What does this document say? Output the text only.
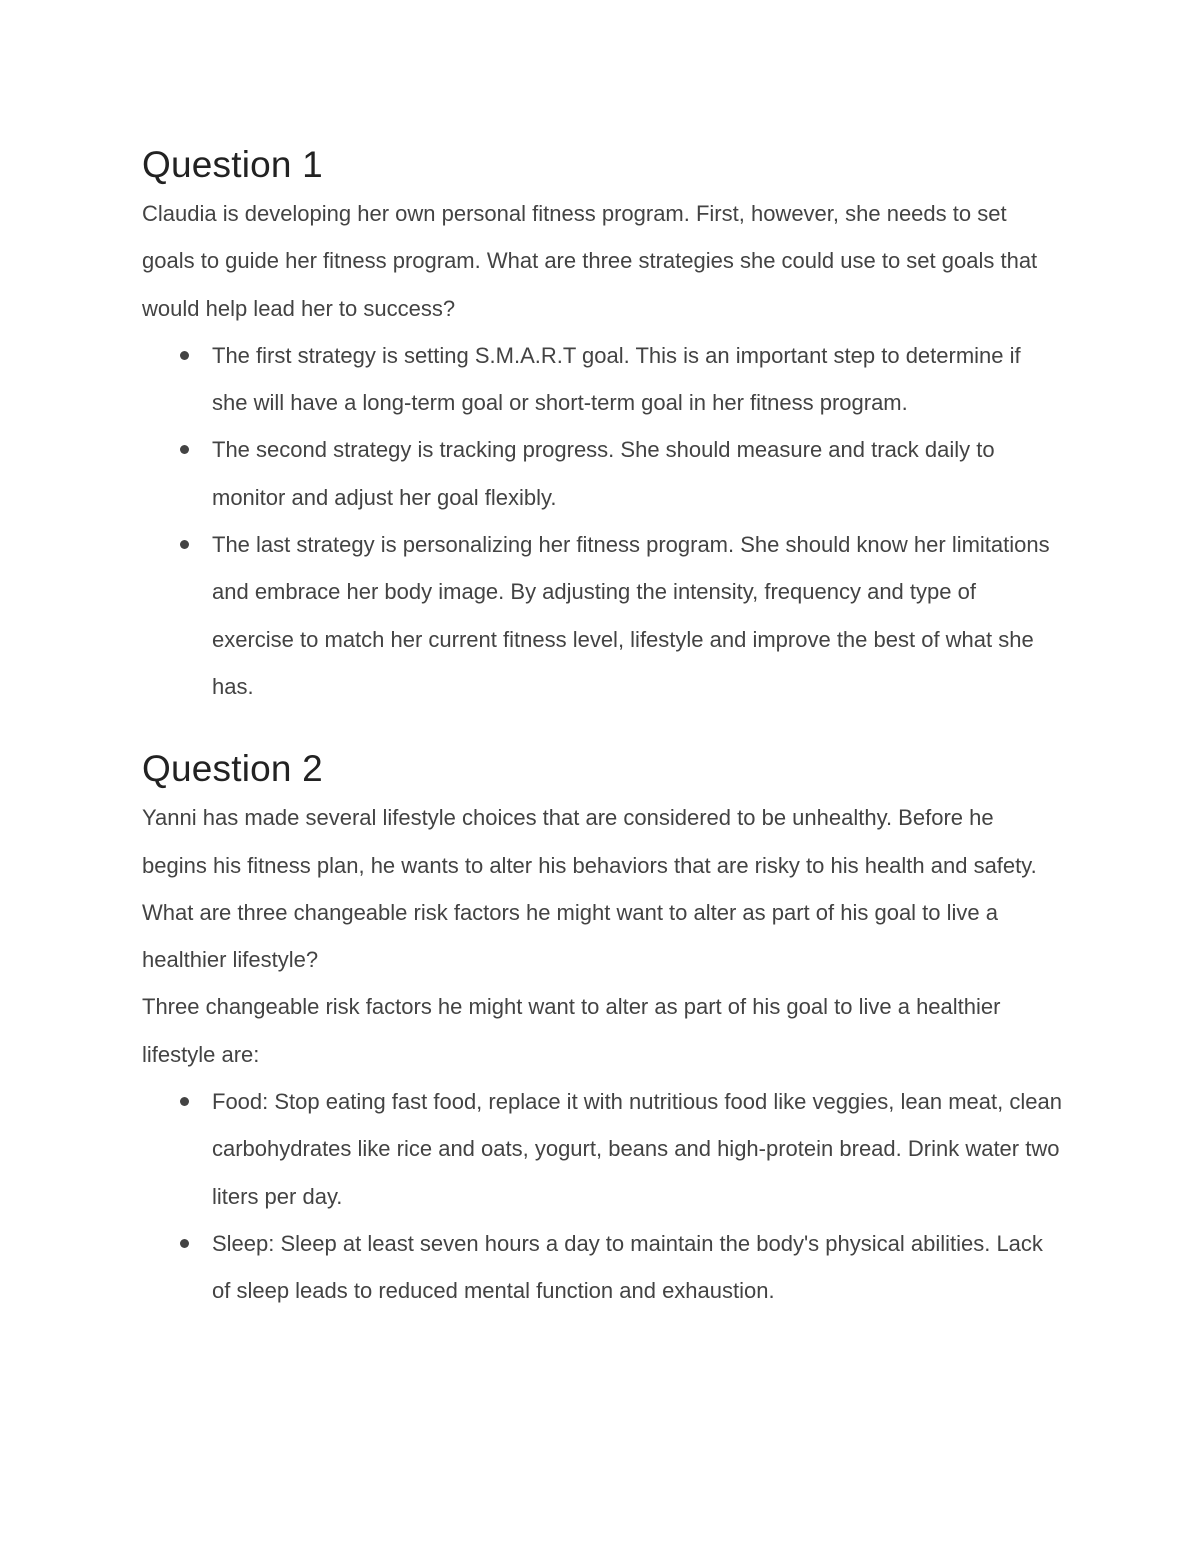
Question 1

Claudia is developing her own personal fitness program. First, however, she needs to set goals to guide her fitness program. What are three strategies she could use to set goals that would help lead her to success?

The first strategy is setting S.M.A.R.T goal. This is an important step to determine if she will have a long-term goal or short-term goal in her fitness program.
The second strategy is tracking progress. She should measure and track daily to monitor and adjust her goal flexibly.
The last strategy is personalizing her fitness program. She should know her limitations and embrace her body image. By adjusting the intensity, frequency and type of exercise to match her current fitness level, lifestyle and improve the best of what she has.
Question 2

Yanni has made several lifestyle choices that are considered to be unhealthy. Before he begins his fitness plan, he wants to alter his behaviors that are risky to his health and safety. What are three changeable risk factors he might want to alter as part of his goal to live a healthier lifestyle?

Three changeable risk factors he might want to alter as part of his goal to live a healthier lifestyle are:

Food: Stop eating fast food, replace it with nutritious food like veggies, lean meat, clean carbohydrates like rice and oats, yogurt, beans and high-protein bread. Drink water two liters per day.
Sleep: Sleep at least seven hours a day to maintain the body's physical abilities. Lack of sleep leads to reduced mental function and exhaustion.
